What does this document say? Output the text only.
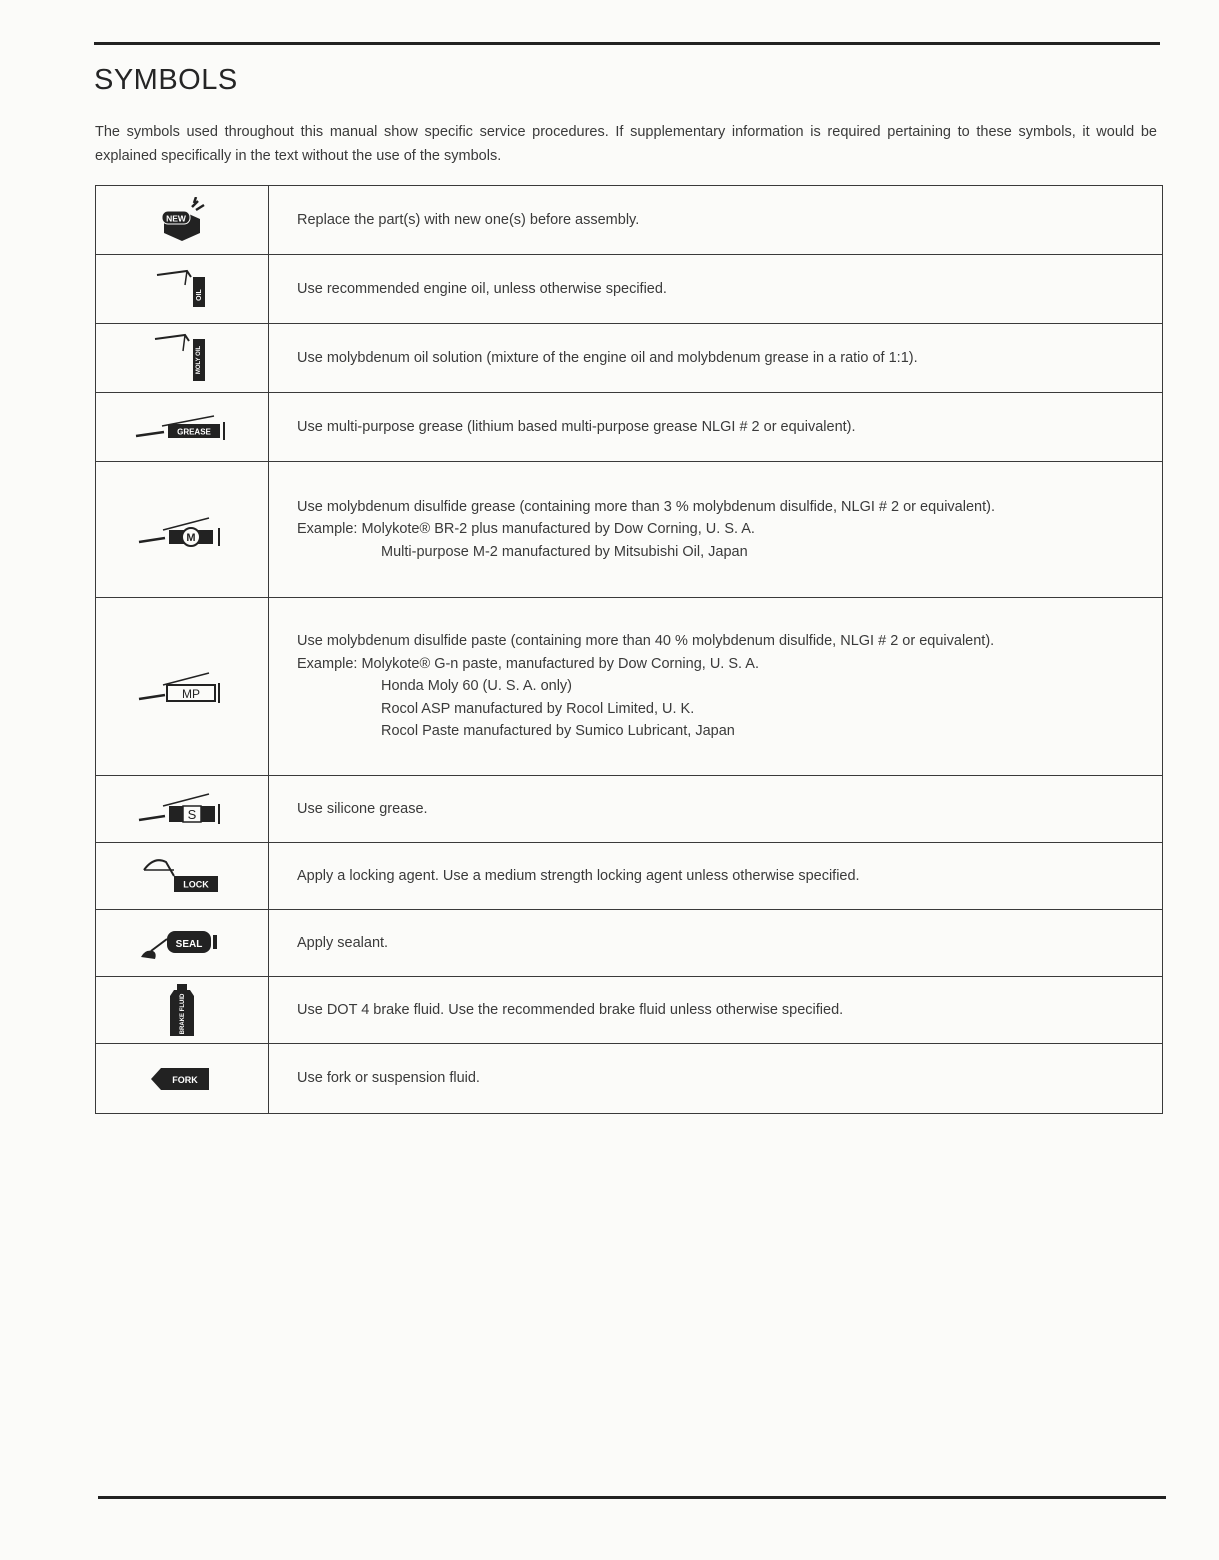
SYMBOLS

The symbols used throughout this manual show specific service procedures. If supplementary information is required pertaining to these symbols, it would be explained specifically in the text without the use of the symbols.

NEW	Replace the part(s) with new one(s) before assembly.

OIL	Use recommended engine oil, unless otherwise specified.

MOLY OIL	Use molybdenum oil solution (mixture of the engine oil and molybdenum grease in a ratio of 1:1).

GREASE	Use multi-purpose grease (lithium based multi-purpose grease NLGI # 2 or equivalent).

M	Use molybdenum disulfide grease (containing more than 3 % molybdenum disulfide, NLGI # 2 or equivalent).
Example: Molykote® BR-2 plus manufactured by Dow Corning, U. S. A.
Multi-purpose M-2 manufactured by Mitsubishi Oil, Japan

MP	Use molybdenum disulfide paste (containing more than 40 % molybdenum disulfide, NLGI # 2 or equivalent).
Example: Molykote® G-n paste, manufactured by Dow Corning, U. S. A.
Honda Moly 60 (U. S. A. only)
Rocol ASP manufactured by Rocol Limited, U. K.
Rocol Paste manufactured by Sumico Lubricant, Japan

S	Use silicone grease.

LOCK	Apply a locking agent. Use a medium strength locking agent unless otherwise specified.

SEAL	Apply sealant.

BRAKE FLUID	Use DOT 4 brake fluid. Use the recommended brake fluid unless otherwise specified.

FORK	Use fork or suspension fluid.
